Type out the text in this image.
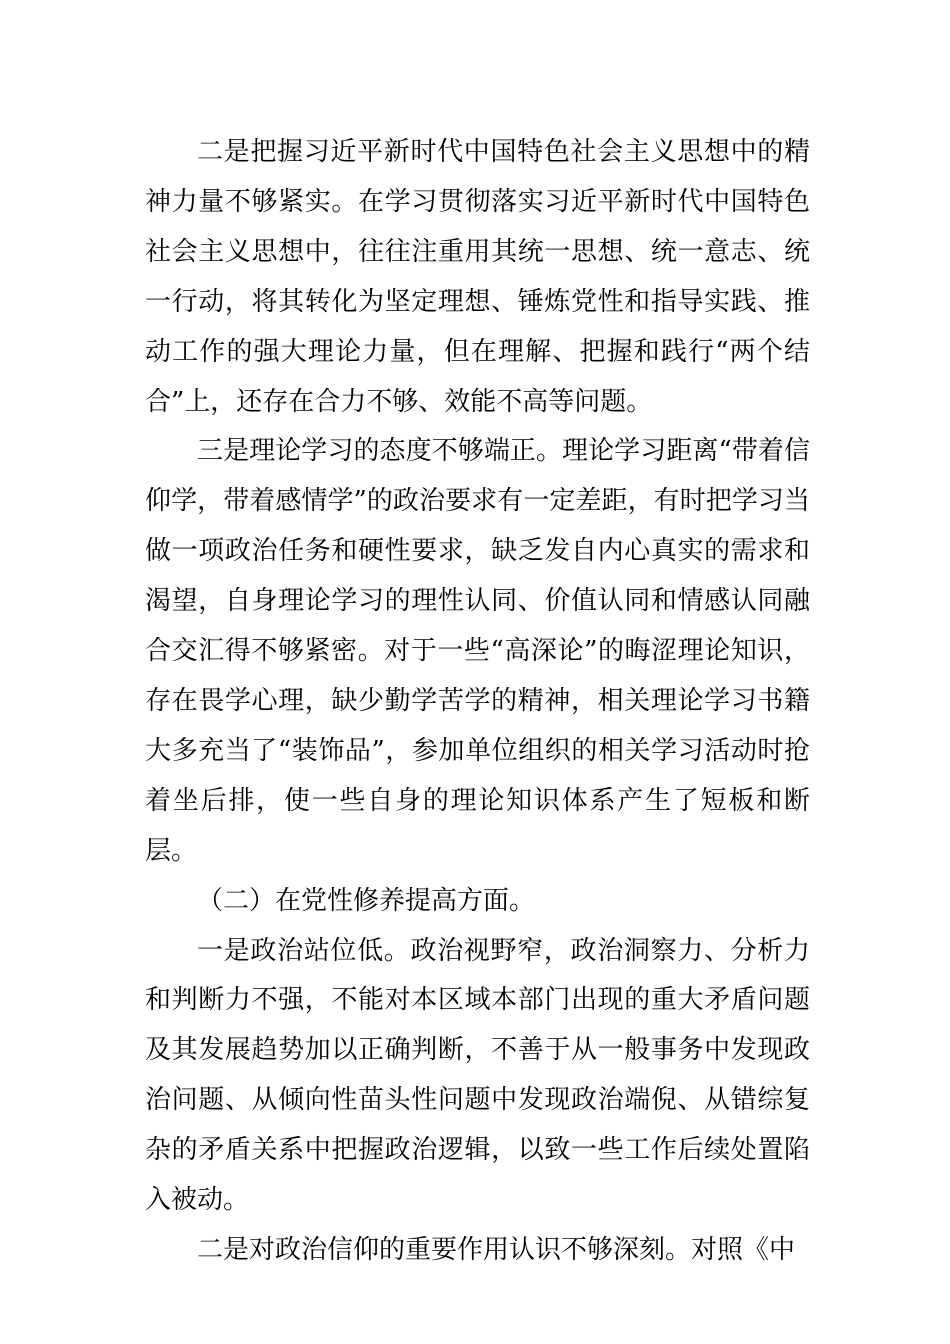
二是把握习近平新时代中国特色社会主义思想中的精神力量不够紧实。在学习贯彻落实习近平新时代中国特色社会主义思想中，往往注重用其统一思想、统一意志、统一行动，将其转化为坚定理想、锤炼党性和指导实践、推动工作的强大理论力量，但在理解、把握和践行“两个结合”上，还存在合力不够、效能不高等问题。

三是理论学习的态度不够端正。理论学习距离“带着信仰学，带着感情学”的政治要求有一定差距，有时把学习当做一项政治任务和硬性要求，缺乏发自内心真实的需求和渴望，自身理论学习的理性认同、价值认同和情感认同融合交汇得不够紧密。对于一些“高深论”的晦涩理论知识，存在畏学心理，缺少勤学苦学的精神，相关理论学习书籍大多充当了“装饰品”，参加单位组织的相关学习活动时抢着坐后排，使一些自身的理论知识体系产生了短板和断层。

（二）在党性修养提高方面。

一是政治站位低。政治视野窄，政治洞察力、分析力和判断力不强，不能对本区域本部门出现的重大矛盾问题及其发展趋势加以正确判断，不善于从一般事务中发现政治问题、从倾向性苗头性问题中发现政治端倪、从错综复杂的矛盾关系中把握政治逻辑，以致一些工作后续处置陷入被动。

二是对政治信仰的重要作用认识不够深刻。对照《中
